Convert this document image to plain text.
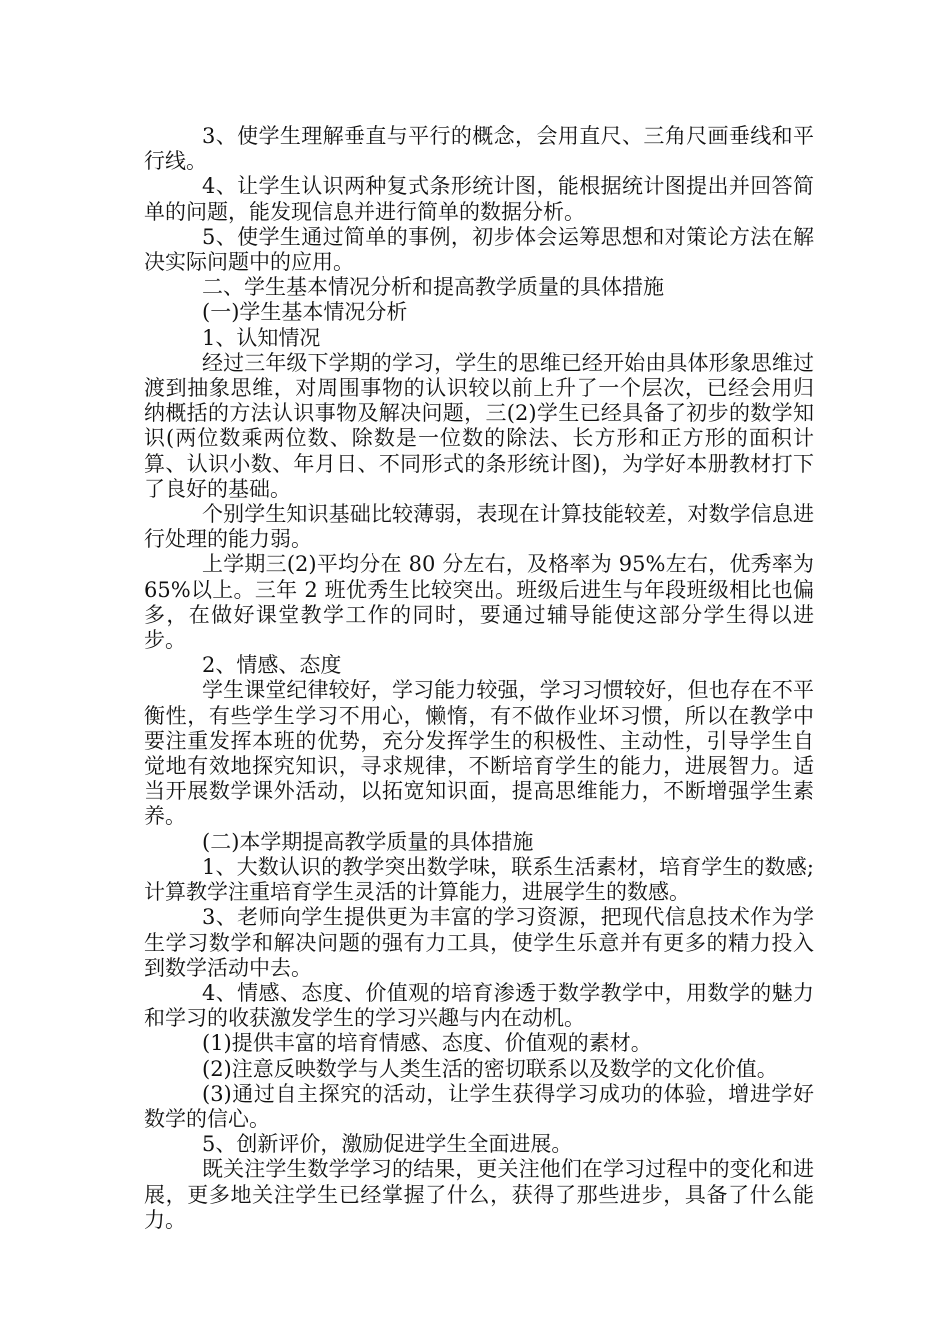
3、使学生理解垂直与平行的概念，会用直尺、三角尺画垂线和平行线。

4、让学生认识两种复式条形统计图，能根据统计图提出并回答简单的问题，能发现信息并进行简单的数据分析。

5、使学生通过简单的事例，初步体会运筹思想和对策论方法在解决实际问题中的应用。

二、学生基本情况分析和提高教学质量的具体措施

(一)学生基本情况分析

1、认知情况

经过三年级下学期的学习，学生的思维已经开始由具体形象思维过渡到抽象思维，对周围事物的认识较以前上升了一个层次，已经会用归纳概括的方法认识事物及解决问题，三(2)学生已经具备了初步的数学知识(两位数乘两位数、除数是一位数的除法、长方形和正方形的面积计算、认识小数、年月日、不同形式的条形统计图)，为学好本册教材打下了良好的基础。

个别学生知识基础比较薄弱，表现在计算技能较差，对数学信息进行处理的能力弱。

上学期三(2)平均分在 80 分左右，及格率为 95%左右，优秀率为 65%以上。三年 2 班优秀生比较突出。班级后进生与年段班级相比也偏多，在做好课堂教学工作的同时，要通过辅导能使这部分学生得以进步。

2、情感、态度

学生课堂纪律较好，学习能力较强，学习习惯较好，但也存在不平衡性，有些学生学习不用心，懒惰，有不做作业坏习惯，所以在教学中要注重发挥本班的优势，充分发挥学生的积极性、主动性，引导学生自觉地有效地探究知识，寻求规律，不断培育学生的能力，进展智力。适当开展数学课外活动，以拓宽知识面，提高思维能力，不断增强学生素养。

(二)本学期提高教学质量的具体措施

1、大数认识的教学突出数学味，联系生活素材，培育学生的数感;计算教学注重培育学生灵活的计算能力，进展学生的数感。

3、老师向学生提供更为丰富的学习资源，把现代信息技术作为学生学习数学和解决问题的强有力工具，使学生乐意并有更多的精力投入到数学活动中去。

4、情感、态度、价值观的培育渗透于数学教学中，用数学的魅力和学习的收获激发学生的学习兴趣与内在动机。

(1)提供丰富的培育情感、态度、价值观的素材。

(2)注意反映数学与人类生活的密切联系以及数学的文化价值。

(3)通过自主探究的活动，让学生获得学习成功的体验，增进学好数学的信心。

5、创新评价，激励促进学生全面进展。

既关注学生数学学习的结果，更关注他们在学习过程中的变化和进展，更多地关注学生已经掌握了什么，获得了那些进步，具备了什么能力。
